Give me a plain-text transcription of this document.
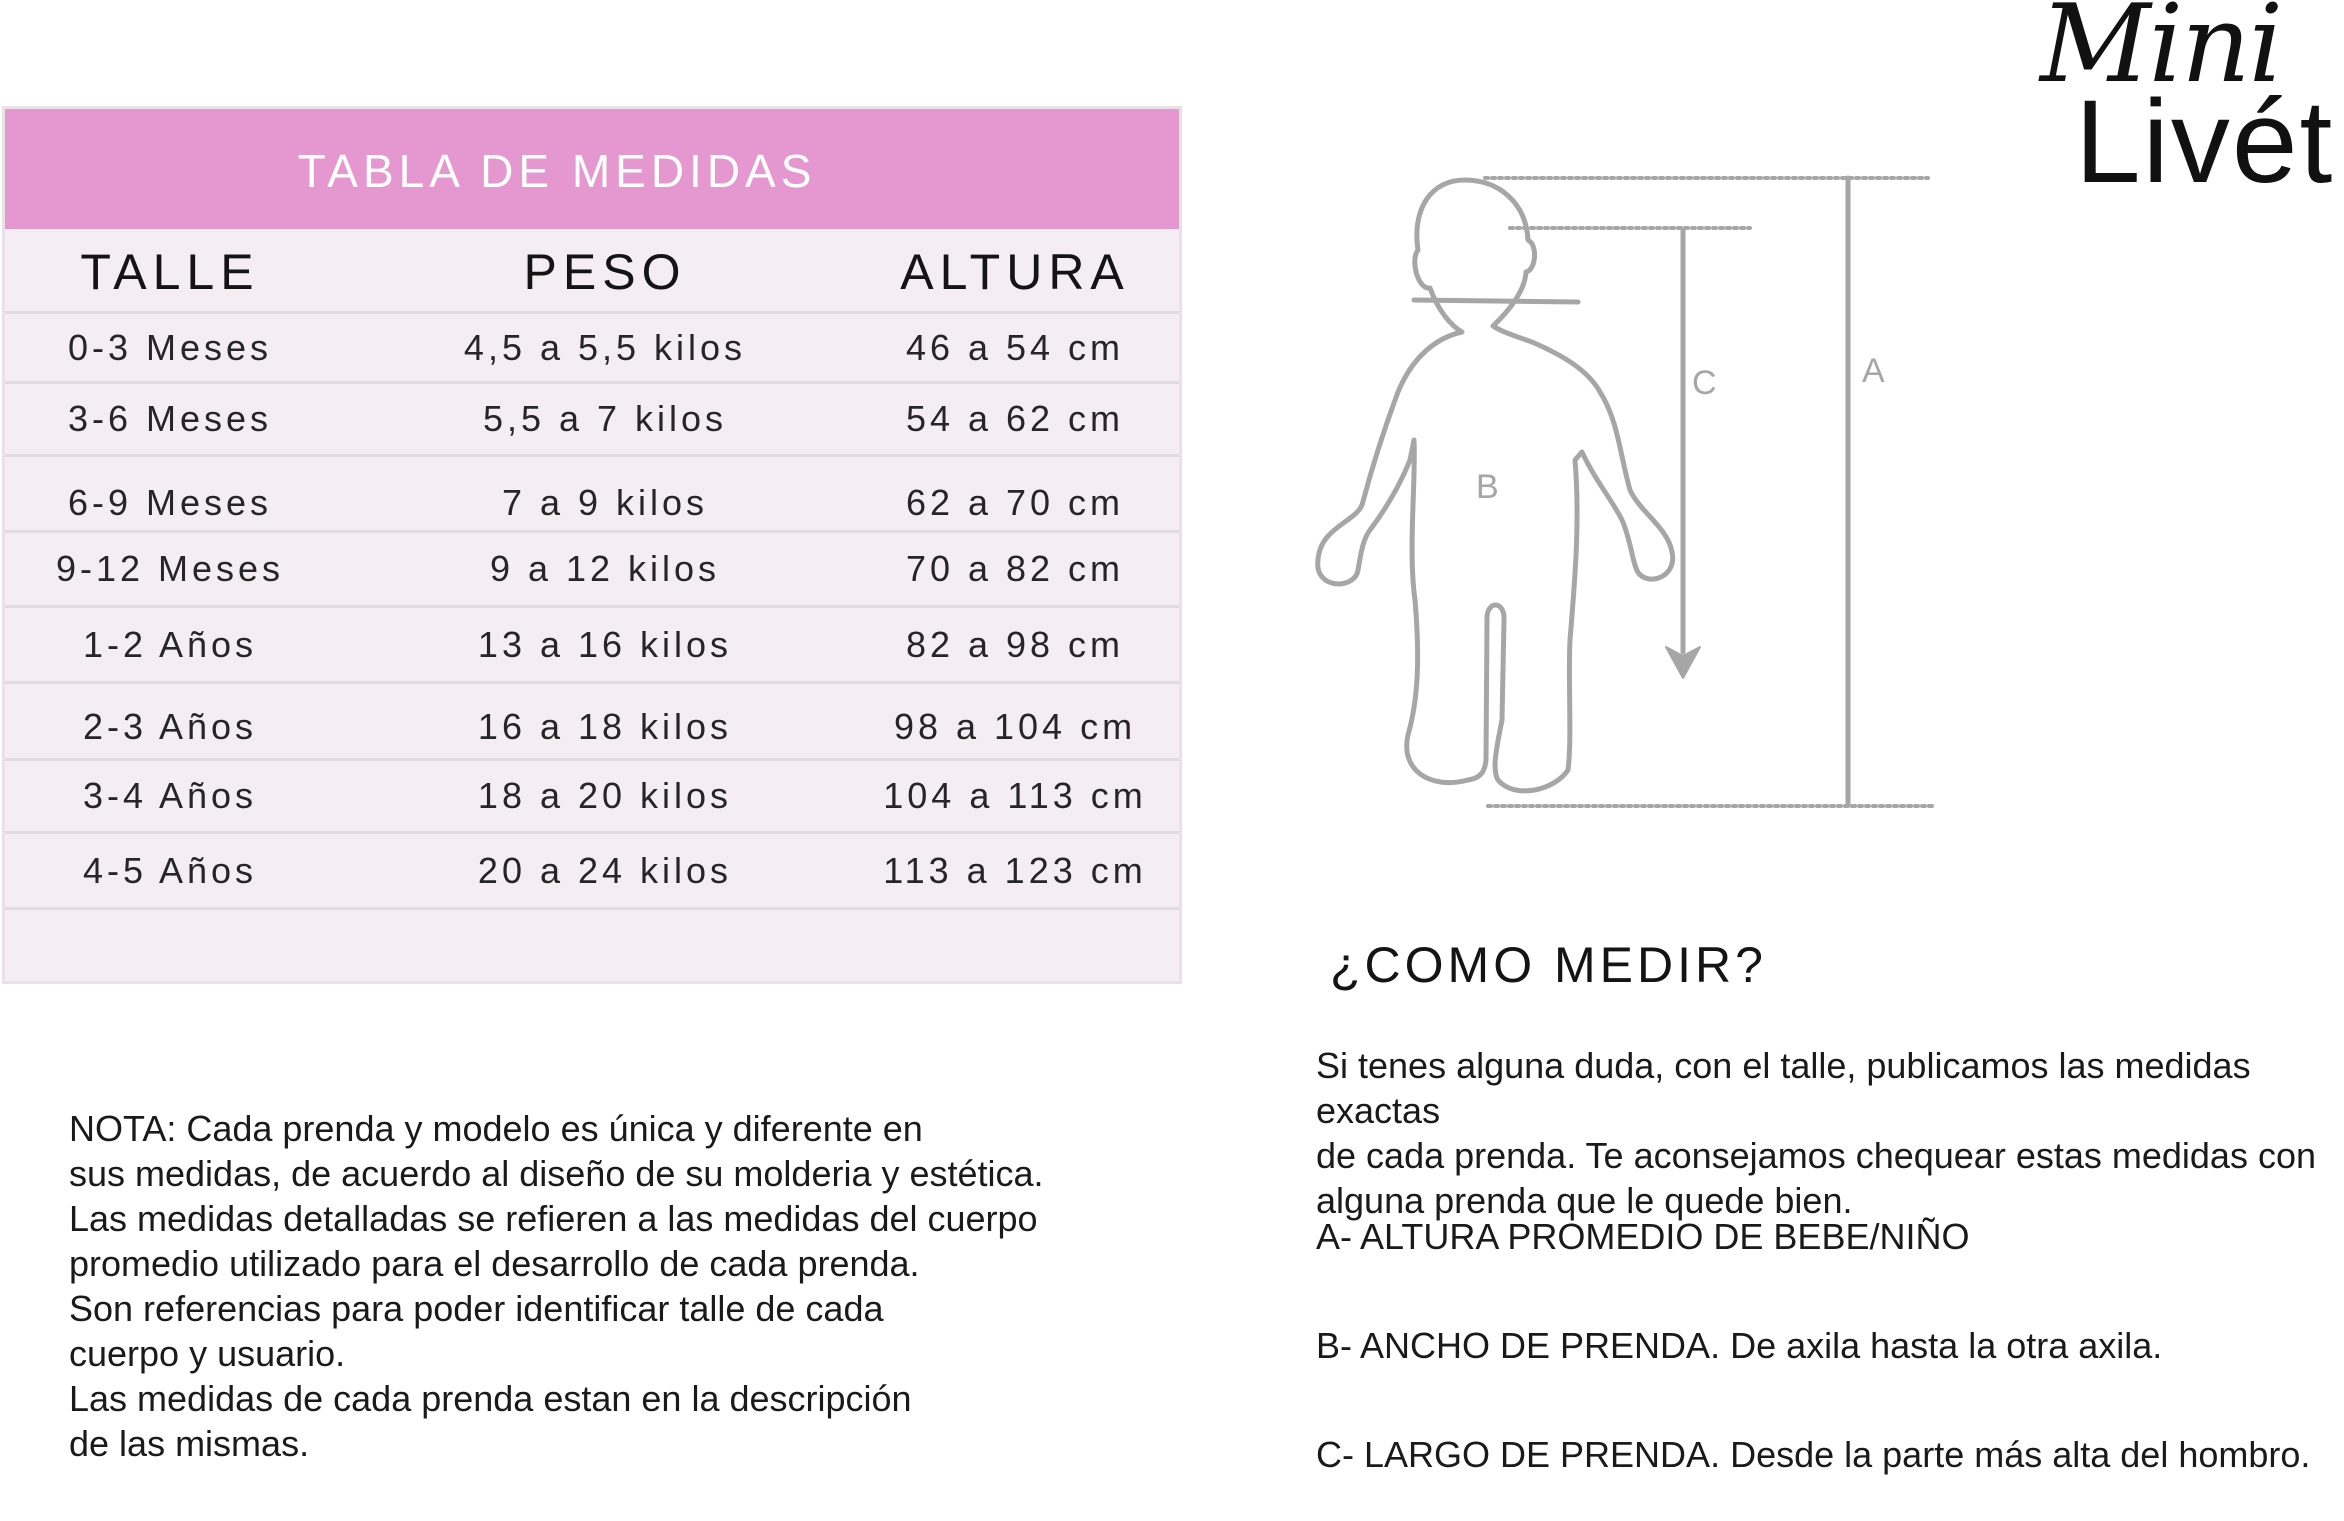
TABLA DE MEDIDAS
TALLE	PESO	ALTURA
0-3 Meses	4,5 a 5,5 kilos	46 a 54 cm
3-6 Meses	5,5 a 7 kilos	54 a 62 cm
6-9 Meses	7 a 9 kilos	62 a 70 cm
9-12 Meses	9 a 12 kilos	70 a 82 cm
1-2 Años	13 a 16 kilos	82 a 98 cm
2-3 Años	16 a 18 kilos	98 a 104 cm
3-4 Años	18 a 20 kilos	104 a 113 cm
4-5 Años	20 a 24 kilos	113 a 123 cm

NOTA: Cada prenda y modelo es única y diferente en

sus medidas, de acuerdo al diseño de su molderia y estética.

Las medidas detalladas se refieren a las medidas del cuerpo

promedio utilizado para el desarrollo de cada prenda.

Son referencias para poder identificar talle de cada

cuerpo y usuario.

Las medidas de cada prenda estan en la descripción

de las mismas.

Mini
Livét
A
B
C
¿COMO MEDIR?
Si tenes alguna duda, con el talle, publicamos las medidas exactas
de cada prenda. Te aconsejamos chequear estas medidas con
alguna prenda que le quede bien.
A- ALTURA PROMEDIO DE BEBE/NIÑO
B- ANCHO DE PRENDA. De axila hasta la otra axila.
C- LARGO DE PRENDA. Desde la parte más alta del hombro.
